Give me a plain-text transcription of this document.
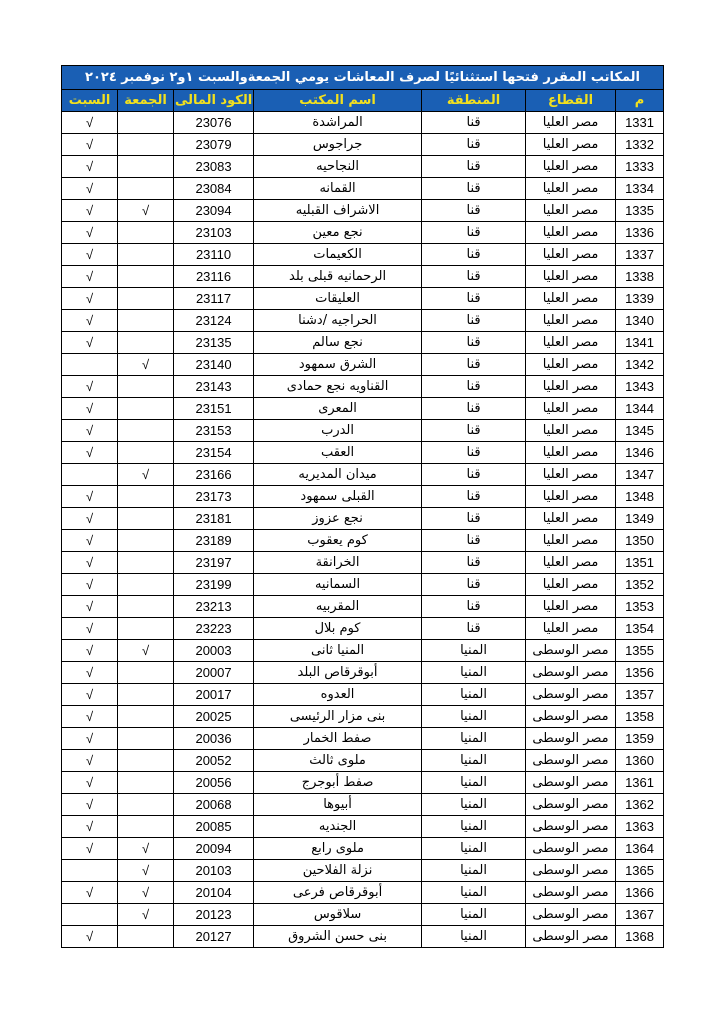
المكاتب المقرر فتحها استثنائيًا لصرف المعاشات يومي الجمعةوالسبت ١و٢ نوفمبر ٢٠٢٤						
م	القطاع	المنطقة	اسم المكتب	الكود المالى	الجمعة	السبت
1331	مصر العليا	قنا	المراشدة	23076		√
1332	مصر العليا	قنا	جراجوس	23079		√
1333	مصر العليا	قنا	النجاحيه	23083		√
1334	مصر العليا	قنا	القمانه	23084		√
1335	مصر العليا	قنا	الاشراف القبليه	23094	√	√
1336	مصر العليا	قنا	نجع معين	23103		√
1337	مصر العليا	قنا	الكعيمات	23110		√
1338	مصر العليا	قنا	الرحمانيه قبلى بلد	23116		√
1339	مصر العليا	قنا	العليقات	23117		√
1340	مصر العليا	قنا	الحراجيه /دشنا	23124		√
1341	مصر العليا	قنا	نجع سالم	23135		√
1342	مصر العليا	قنا	الشرق سمهود	23140	√	
1343	مصر العليا	قنا	القناويه نجع حمادى	23143		√
1344	مصر العليا	قنا	المعرى	23151		√
1345	مصر العليا	قنا	الدرب	23153		√
1346	مصر العليا	قنا	العقب	23154		√
1347	مصر العليا	قنا	ميدان المديريه	23166	√	
1348	مصر العليا	قنا	القبلى سمهود	23173		√
1349	مصر العليا	قنا	نجع عزوز	23181		√
1350	مصر العليا	قنا	كوم يعقوب	23189		√
1351	مصر العليا	قنا	الخرانقة	23197		√
1352	مصر العليا	قنا	السمانيه	23199		√
1353	مصر العليا	قنا	المقربيه	23213		√
1354	مصر العليا	قنا	كوم بلال	23223		√
1355	مصر الوسطى	المنيا	المنيا ثانى	20003	√	√
1356	مصر الوسطى	المنيا	أبوقرقاص البلد	20007		√
1357	مصر الوسطى	المنيا	العدوه	20017		√
1358	مصر الوسطى	المنيا	بنى مزار الرئيسى	20025		√
1359	مصر الوسطى	المنيا	صفط الخمار	20036		√
1360	مصر الوسطى	المنيا	ملوى ثالث	20052		√
1361	مصر الوسطى	المنيا	صفط أبوجرج	20056		√
1362	مصر الوسطى	المنيا	أبيوها	20068		√
1363	مصر الوسطى	المنيا	الجنديه	20085		√
1364	مصر الوسطى	المنيا	ملوى رابع	20094	√	√
1365	مصر الوسطى	المنيا	نزلة الفلاحين	20103	√	
1366	مصر الوسطى	المنيا	أبوقرقاص فرعى	20104	√	√
1367	مصر الوسطى	المنيا	سلاقوس	20123	√	
1368	مصر الوسطى	المنيا	بنى حسن الشروق	20127		√
